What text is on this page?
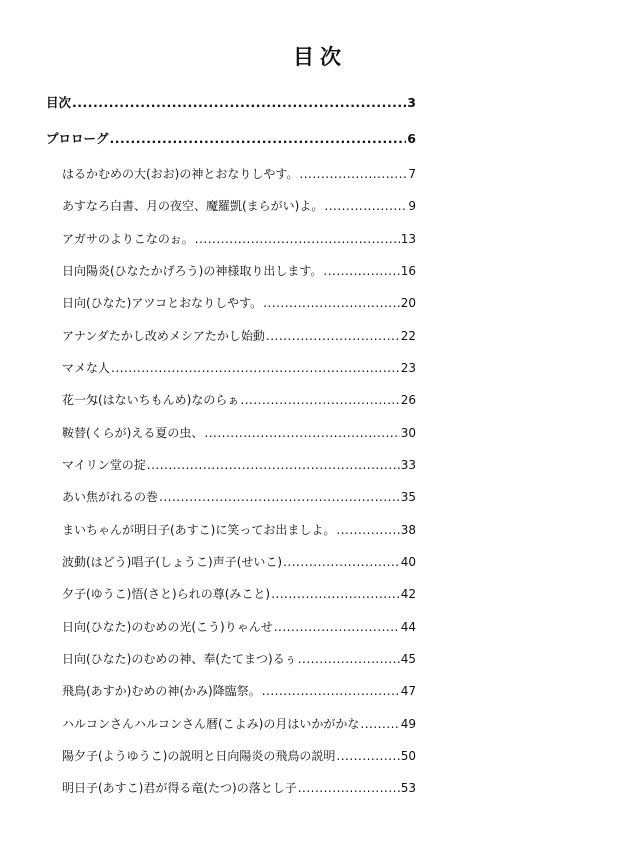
目次
目次 .....	3
プロローグ .....	6
はるかむめの大(おお)の神とおなりしやす。 .....	7
あすなろ白書、月の夜空、魔羅凱(まらがい)よ。 .....	9
アガサのよりこなのぉ。 .....	13
日向陽炎(ひなたかげろう)の神様取り出します。 .....	16
日向(ひなた)アツコとおなりしやす。 .....	20
アナンダたかし改めメシアたかし始動 .....	22
マメな人 .....	23
花一匁(はないちもんめ)なのらぁ .....	26
鞍替(くらが)える夏の虫、 .....	30
マイリン堂の掟 .....	33
あい焦がれるの巻 .....	35
まいちゃんが明日子(あすこ)に笑ってお出ましよ。 .....	38
波動(はどう)唱子(しょうこ)声子(せいこ) .....	40
夕子(ゆうこ)悟(さと)られの尊(みこと) .....	42
日向(ひなた)のむめの光(こう)りゃんせ .....	44
日向(ひなた)のむめの神、奉(たてまつ)るぅ .....	45
飛鳥(あすか)むめの神(かみ)降臨祭。 .....	47
ハルコンさんハルコンさん暦(こよみ)の月はいかがかな .....	49
陽夕子(ようゆうこ)の説明と日向陽炎の飛鳥の説明 .....	50
明日子(あすこ)君が得る竜(たつ)の落とし子 .....	53
